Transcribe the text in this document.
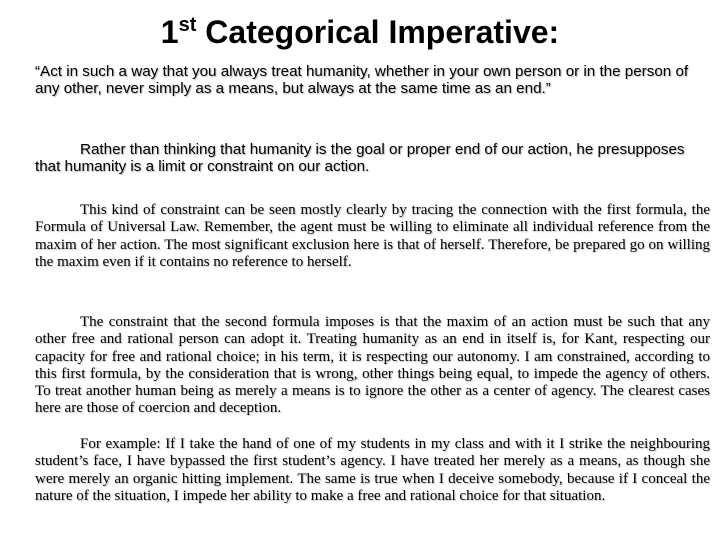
1st Categorical Imperative:
“Act in such a way that you always treat humanity, whether in your own person or in the person of any other, never simply as a means, but always at the same time as an end.”
Rather than thinking that humanity is the goal or proper end of our action, he presupposes that humanity is a limit or constraint on our action.
This kind of constraint can be seen mostly clearly by tracing the connection with the first formula, the Formula of Universal Law. Remember, the agent must be willing to eliminate all individual reference from the maxim of her action. The most significant exclusion here is that of herself. Therefore, be prepared go on willing the maxim even if it contains no reference to herself.
The constraint that the second formula imposes is that the maxim of an action must be such that any other free and rational person can adopt it. Treating humanity as an end in itself is, for Kant, respecting our capacity for free and rational choice; in his term, it is respecting our autonomy. I am constrained, according to this first formula, by the consideration that is wrong, other things being equal, to impede the agency of others. To treat another human being as merely a means is to ignore the other as a center of agency. The clearest cases here are those of coercion and deception.
For example: If I take the hand of one of my students in my class and with it I strike the neighbouring student’s face, I have bypassed the first student’s agency. I have treated her merely as a means, as though she were merely an organic hitting implement. The same is true when I deceive somebody, because if I conceal the nature of the situation, I impede her ability to make a free and rational choice for that situation.
